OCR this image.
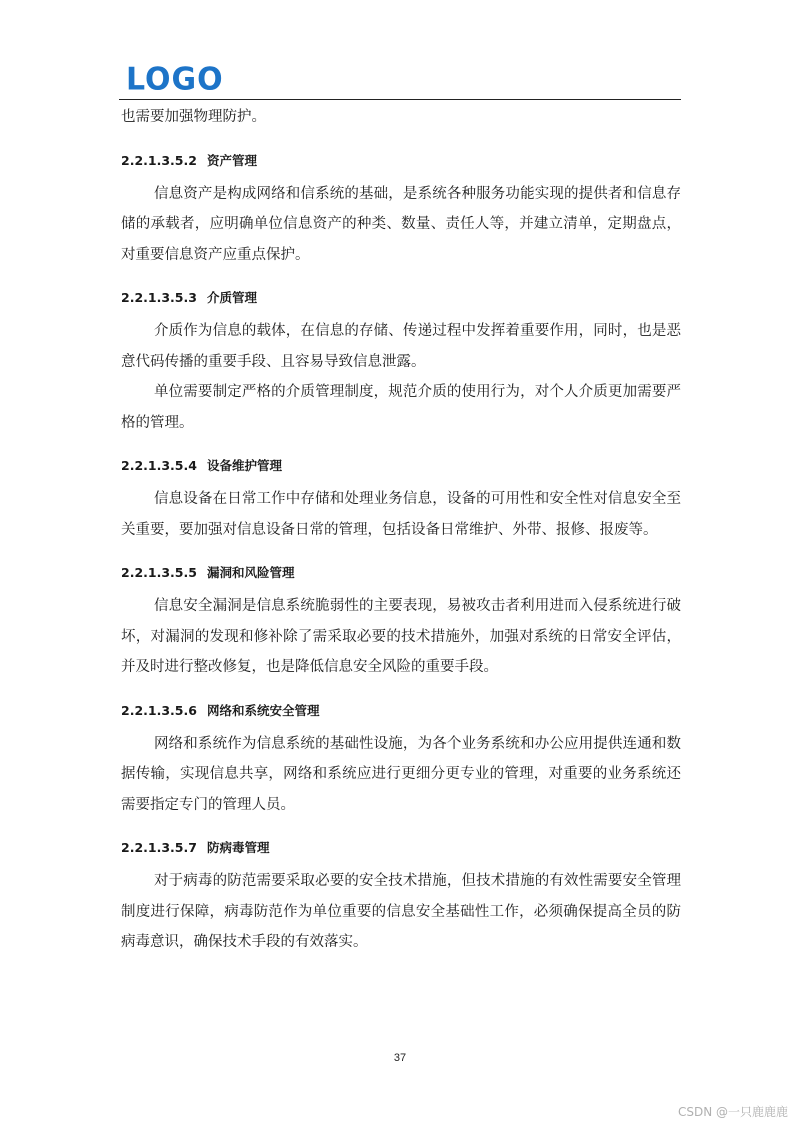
LOGO

也需要加强物理防护。

2.2.1.3.5.2 资产管理

信息资产是构成网络和信系统的基础，是系统各种服务功能实现的提供者和信息存储的承载者，应明确单位信息资产的种类、数量、责任人等，并建立清单，定期盘点，对重要信息资产应重点保护。

2.2.1.3.5.3 介质管理

介质作为信息的载体，在信息的存储、传递过程中发挥着重要作用，同时，也是恶意代码传播的重要手段、且容易导致信息泄露。

单位需要制定严格的介质管理制度，规范介质的使用行为，对个人介质更加需要严格的管理。

2.2.1.3.5.4 设备维护管理

信息设备在日常工作中存储和处理业务信息，设备的可用性和安全性对信息安全至关重要，要加强对信息设备日常的管理，包括设备日常维护、外带、报修、报废等。

2.2.1.3.5.5 漏洞和风险管理

信息安全漏洞是信息系统脆弱性的主要表现，易被攻击者利用进而入侵系统进行破坏，对漏洞的发现和修补除了需采取必要的技术措施外，加强对系统的日常安全评估，并及时进行整改修复，也是降低信息安全风险的重要手段。

2.2.1.3.5.6 网络和系统安全管理

网络和系统作为信息系统的基础性设施，为各个业务系统和办公应用提供连通和数据传输，实现信息共享，网络和系统应进行更细分更专业的管理，对重要的业务系统还需要指定专门的管理人员。

2.2.1.3.5.7 防病毒管理

对于病毒的防范需要采取必要的安全技术措施，但技术措施的有效性需要安全管理制度进行保障，病毒防范作为单位重要的信息安全基础性工作，必须确保提高全员的防病毒意识，确保技术手段的有效落实。

37
CSDN @一只鹿鹿鹿
